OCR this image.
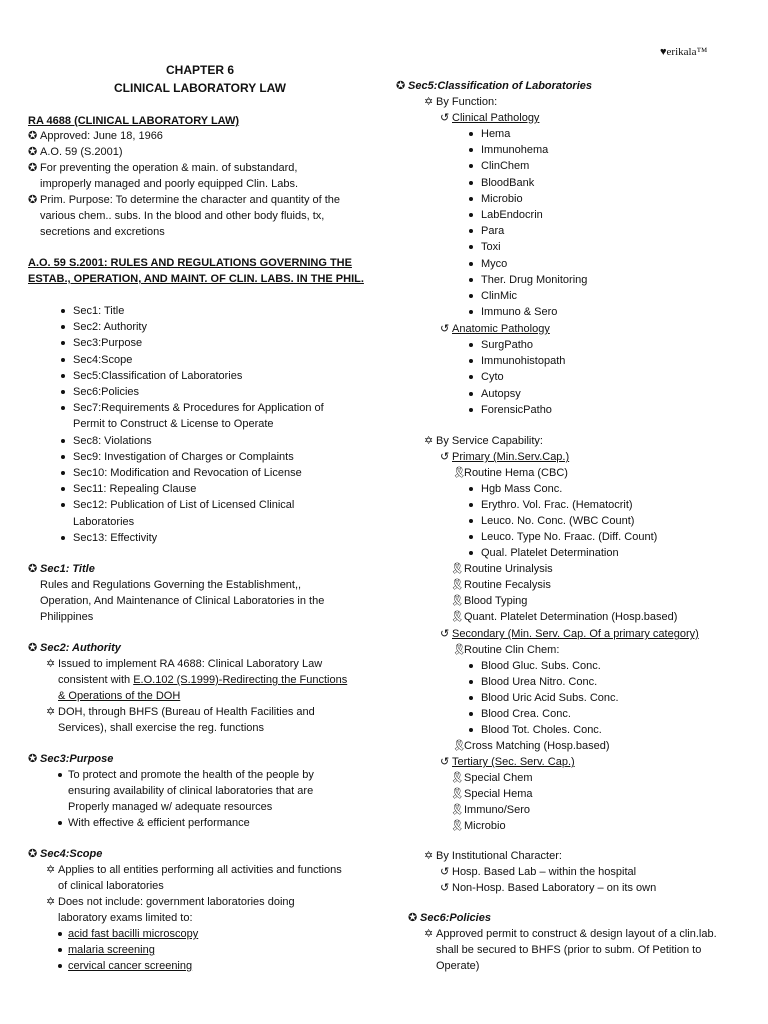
♥erikala™
CHAPTER 6
CLINICAL LABORATORY LAW
RA 4688 (CLINICAL LABORATORY LAW)
✪ Approved: June 18, 1966
✪ A.O. 59 (S.2001)
✪ For preventing the operation & main. of substandard,
improperly managed and poorly equipped Clin. Labs.
✪ Prim. Purpose: To determine the character and quantity of the
various chem.. subs. In the blood and other body fluids, tx,
secretions and excretions
A.O. 59 S.2001: RULES AND REGULATIONS GOVERNING THE
ESTAB., OPERATION, AND MAINT. OF CLIN. LABS. IN THE PHIL.
Sec1: Title
Sec2: Authority
Sec3:Purpose
Sec4:Scope
Sec5:Classification of Laboratories
Sec6:Policies
Sec7:Requirements & Procedures for Application of
Permit to Construct & License to Operate
Sec8: Violations
Sec9: Investigation of Charges or Complaints
Sec10: Modification and Revocation of License
Sec11: Repealing Clause
Sec12: Publication of List of Licensed Clinical
Laboratories
Sec13: Effectivity
✪ Sec1: Title
Rules and Regulations Governing the Establishment,,
Operation, And Maintenance of Clinical Laboratories in the
Philippines
✪ Sec2: Authority
✡ Issued to implement RA 4688: Clinical Laboratory Law
consistent with E.O.102 (S.1999)-Redirecting the Functions
& Operations of the DOH
✡ DOH, through BHFS (Bureau of Health Facilities and
Services), shall exercise the reg. functions
✪ Sec3:Purpose
To protect and promote the health of the people by
ensuring availability of clinical laboratories that are
Properly managed w/ adequate resources
With effective & efficient performance
✪ Sec4:Scope
✡ Applies to all entities performing all activities and functions
of clinical laboratories
✡ Does not include: government laboratories doing
laboratory exams limited to:
acid fast bacilli microscopy
malaria screening
cervical cancer screening
✪ Sec5:Classification of Laboratories
✡ By Function:
↺ Clinical Pathology
Hema
Immunohema
ClinChem
BloodBank
Microbio
LabEndocrin
Para
Toxi
Myco
Ther. Drug Monitoring
ClinMic
Immuno & Sero
↺ Anatomic Pathology
SurgPatho
Immunohistopath
Cyto
Autopsy
ForensicPatho
✡ By Service Capability:
↺ Primary (Min.Serv.Cap.)
🎗Routine Hema (CBC)
Hgb Mass Conc.
Erythro. Vol. Frac. (Hematocrit)
Leuco. No. Conc. (WBC Count)
Leuco. Type No. Fraac. (Diff. Count)
Qual. Platelet Determination
🎗 Routine Urinalysis
🎗 Routine Fecalysis
🎗 Blood Typing
🎗 Quant. Platelet Determination (Hosp.based)
↺ Secondary (Min. Serv. Cap. Of a primary category)
🎗Routine Clin Chem:
Blood Gluc. Subs. Conc.
Blood Urea Nitro. Conc.
Blood Uric Acid Subs. Conc.
Blood Crea. Conc.
Blood Tot. Choles. Conc.
🎗Cross Matching (Hosp.based)
↺ Tertiary (Sec. Serv. Cap.)
🎗 Special Chem
🎗 Special Hema
🎗 Immuno/Sero
🎗 Microbio
✡ By Institutional Character:
↺ Hosp. Based Lab – within the hospital
↺ Non-Hosp. Based Laboratory – on its own
✪ Sec6:Policies
✡ Approved permit to construct & design layout of a clin.lab.
shall be secured to BHFS (prior to subm. Of Petition to
Operate)
